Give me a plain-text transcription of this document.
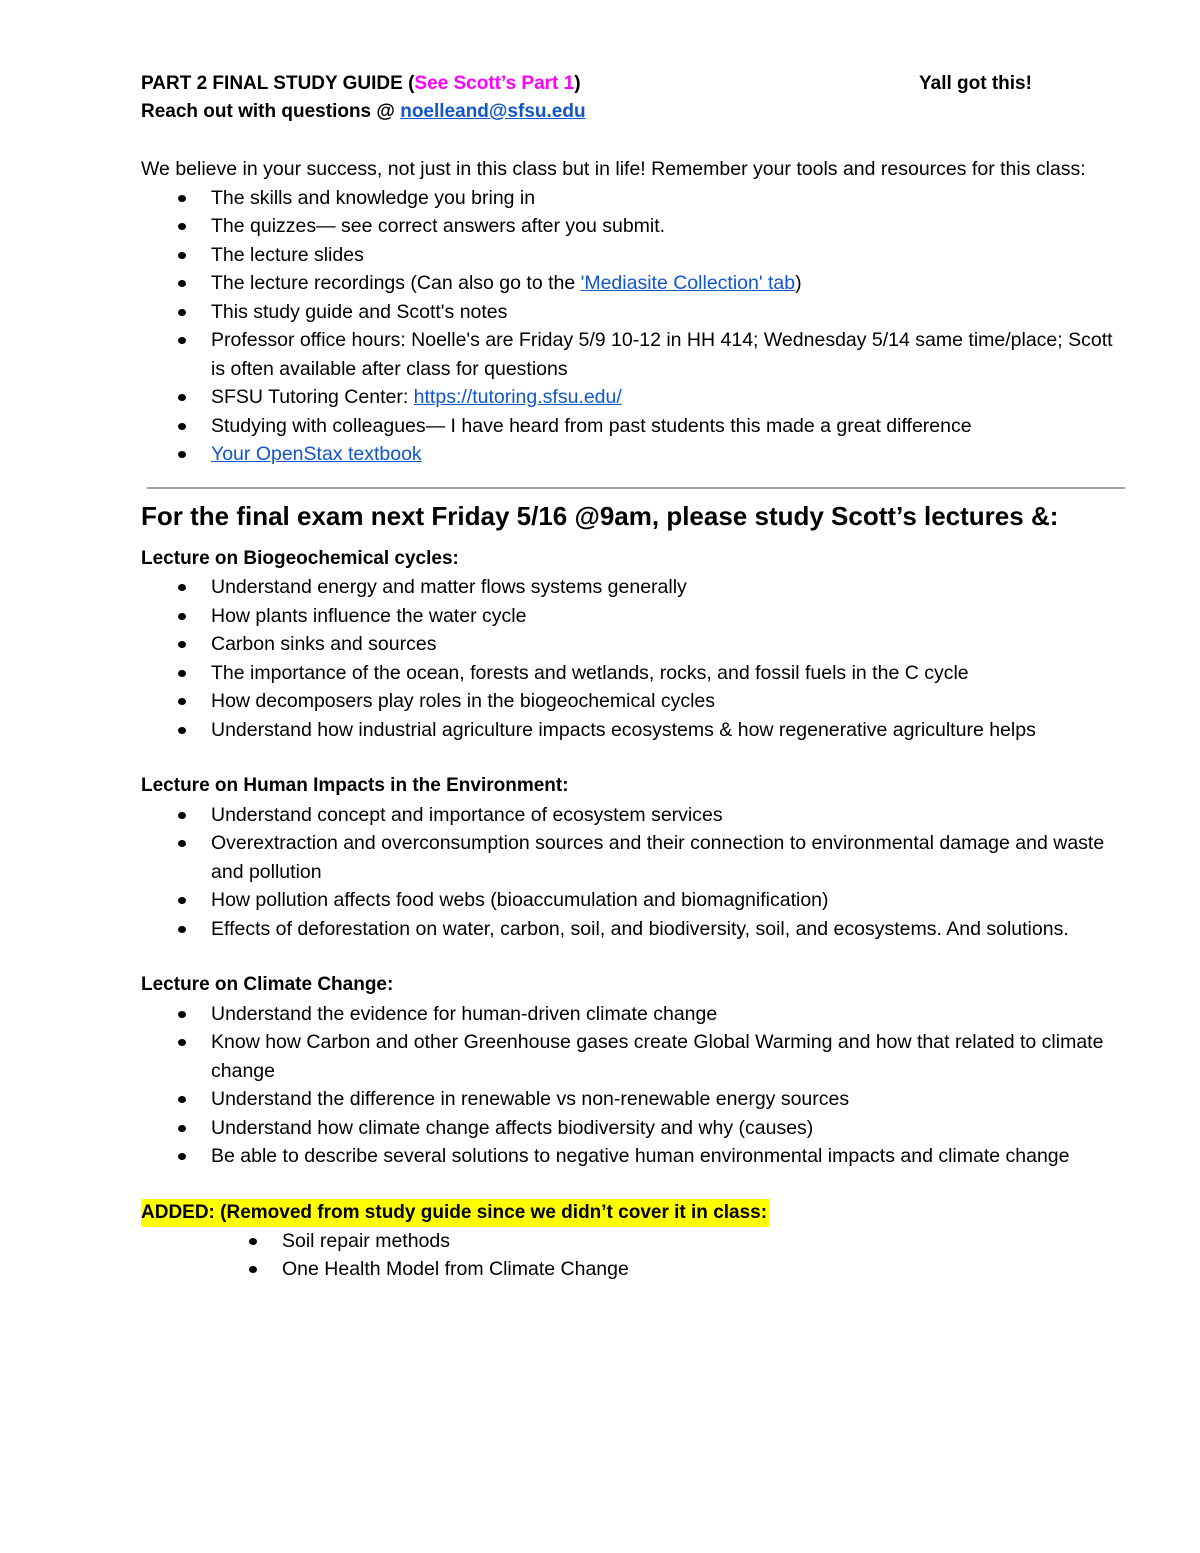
PART 2 FINAL STUDY GUIDE (See Scott’s Part 1)	Yall got this!
Reach out with questions @ noelleand@sfsu.edu
We believe in your success, not just in this class but in life! Remember your tools and resources for this class:
The skills and knowledge you bring in
The quizzes— see correct answers after you submit.
The lecture slides
The lecture recordings (Can also go to the 'Mediasite Collection' tab)
This study guide and Scott's notes
Professor office hours: Noelle's are Friday 5/9 10-12 in HH 414; Wednesday 5/14 same time/place; Scott is often available after class for questions
SFSU Tutoring Center: https://tutoring.sfsu.edu/
Studying with colleagues— I have heard from past students this made a great difference
Your OpenStax textbook
For the final exam next Friday 5/16 @9am, please study Scott’s lectures &:
Lecture on Biogeochemical cycles:
Understand energy and matter flows systems generally
How plants influence the water cycle
Carbon sinks and sources
The importance of the ocean, forests and wetlands, rocks, and fossil fuels in the C cycle
How decomposers play roles in the biogeochemical cycles
Understand how industrial agriculture impacts ecosystems & how regenerative agriculture helps
Lecture on Human Impacts in the Environment:
Understand concept and importance of ecosystem services
Overextraction and overconsumption sources and their connection to environmental damage and waste and pollution
How pollution affects food webs (bioaccumulation and biomagnification)
Effects of deforestation on water, carbon, soil, and biodiversity, soil, and ecosystems. And solutions.
Lecture on Climate Change:
Understand the evidence for human-driven climate change
Know how Carbon and other Greenhouse gases create Global Warming and how that related to climate change
Understand the difference in renewable vs non-renewable energy sources
Understand how climate change affects biodiversity and why (causes)
Be able to describe several solutions to negative human environmental impacts and climate change
ADDED: (Removed from study guide since we didn’t cover it in class:
Soil repair methods
One Health Model from Climate Change
